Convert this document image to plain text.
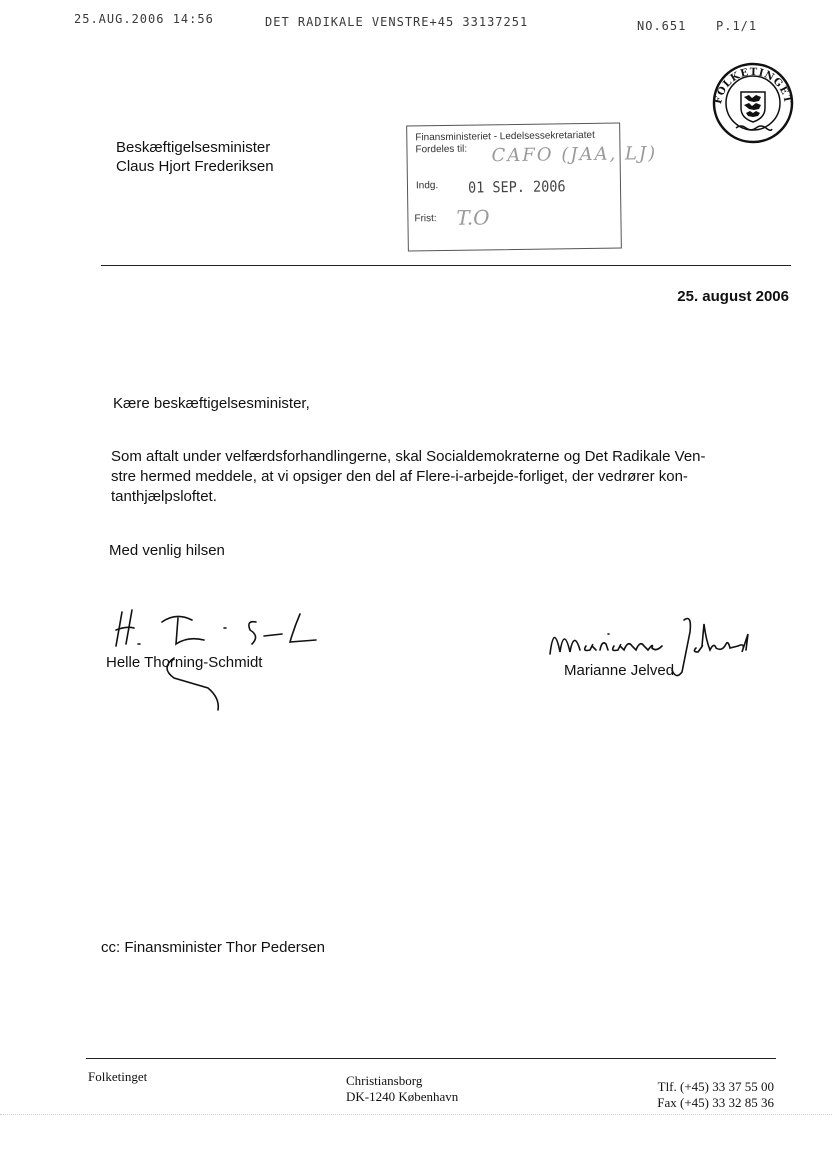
25.AUG.2006 14:56	DET RADIKALE VENSTRE+45 33137251	NO.651 P.1/1
FOLKETINGET
Beskæftigelsesminister
Claus Hjort Frederiksen
Finansministeriet - Ledelsessekretariatet
Fordeles til: CAFO (JAA, LJ)
Indg. 01 SEP. 2006
Frist: T.O
25. august 2006
Kære beskæftigelsesminister,
Som aftalt under velfærdsforhandlingerne, skal Socialdemokraterne og Det Radikale Ven-
stre hermed meddele, at vi opsiger den del af Flere-i-arbejde-forliget, der vedrører kon-
tanthjælpsloftet.
Med venlig hilsen
Helle Thorning-Schmidt	Marianne Jelved
cc: Finansminister Thor Pedersen
Folketinget	Christiansborg
DK-1240 København
Tlf. (+45) 33 37 55 00
Fax (+45) 33 32 85 36
